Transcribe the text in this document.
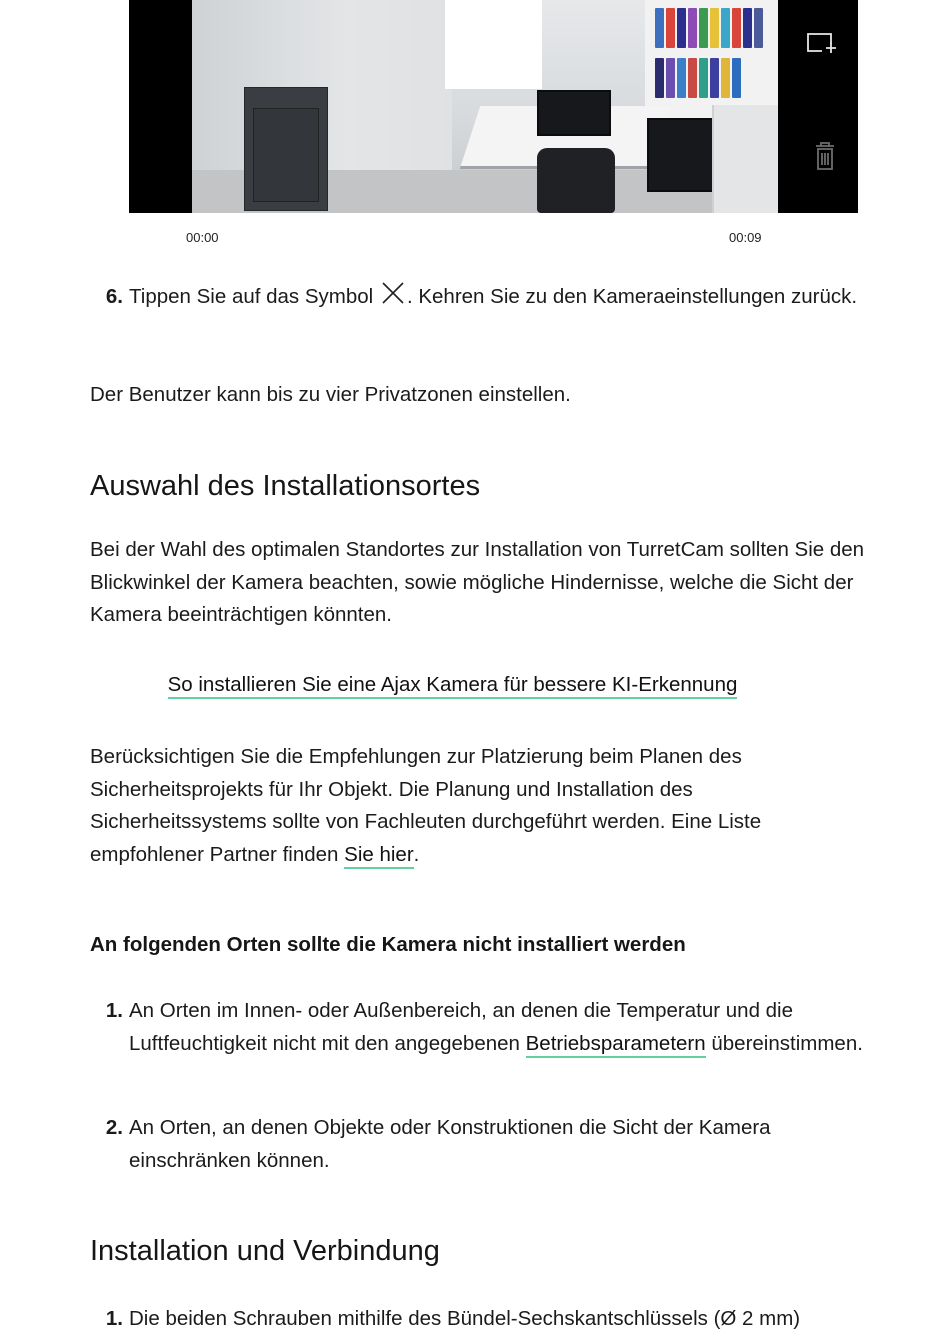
00:00	00:09
6. Tippen Sie auf das Symbol . Kehren Sie zu den Kameraeinstellungen zurück.
Der Benutzer kann bis zu vier Privatzonen einstellen.
Auswahl des Installationsortes
Bei der Wahl des optimalen Standortes zur Installation von TurretCam sollten Sie den Blickwinkel der Kamera beachten, sowie mögliche Hindernisse, welche die Sicht der Kamera beeinträchtigen könnten.
So installieren Sie eine Ajax Kamera für bessere KI-Erkennung
Berücksichtigen Sie die Empfehlungen zur Platzierung beim Planen des Sicherheitsprojekts für Ihr Objekt. Die Planung und Installation des Sicherheitssystems sollte von Fachleuten durchgeführt werden. Eine Liste empfohlener Partner finden Sie hier.
An folgenden Orten sollte die Kamera nicht installiert werden
1. An Orten im Innen- oder Außenbereich, an denen die Temperatur und die Luftfeuchtigkeit nicht mit den angegebenen Betriebsparametern übereinstimmen.
2. An Orten, an denen Objekte oder Konstruktionen die Sicht der Kamera einschränken können.
Installation und Verbindung
1. Die beiden Schrauben mithilfe des Bündel-Sechskantschlüssels (Ø 2 mm)
